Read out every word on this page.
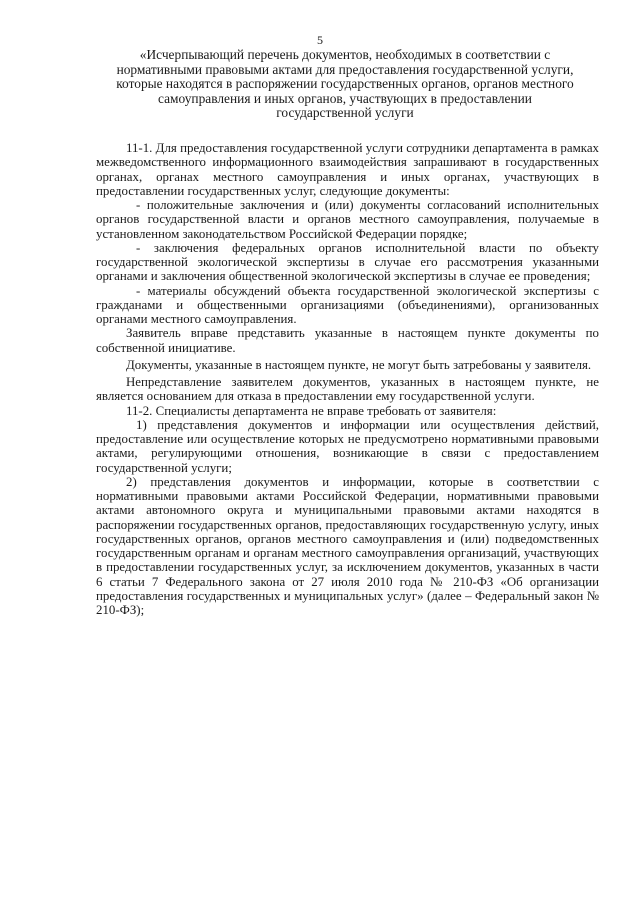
5
«Исчерпывающий перечень документов, необходимых в соответствии с нормативными правовыми актами для предоставления государственной услуги, которые находятся в распоряжении государственных органов, органов местного самоуправления и иных органов, участвующих в предоставлении государственной услуги

11-1. Для предоставления государственной услуги сотрудники департамента в рамках межведомственного информационного взаимодействия запрашивают в государственных органах, органах местного самоуправления и иных органах, участвующих в предоставлении государственных услуг, следующие документы:

- положительные заключения и (или) документы согласований исполнительных органов государственной власти и органов местного самоуправления, получаемые в установленном законодательством Российской Федерации порядке;

- заключения федеральных органов исполнительной власти по объекту государственной экологической экспертизы в случае его рассмотрения указанными органами и заключения общественной экологической экспертизы в случае ее проведения;

- материалы обсуждений объекта государственной экологической экспертизы с гражданами и общественными организациями (объединениями), организованных органами местного самоуправления.

Заявитель вправе представить указанные в настоящем пункте документы по собственной инициативе.

Документы, указанные в настоящем пункте, не могут быть затребованы у заявителя.

Непредставление заявителем документов, указанных в настоящем пункте, не является основанием для отказа в предоставлении ему государственной услуги.

11-2. Специалисты департамента не вправе требовать от заявителя:

1) представления документов и информации или осуществления действий, предоставление или осуществление которых не предусмотрено нормативными правовыми актами, регулирующими отношения, возникающие в связи с предоставлением государственной услуги;

2) представления документов и информации, которые в соответствии с нормативными правовыми актами Российской Федерации, нормативными правовыми актами автономного округа и муниципальными правовыми актами находятся в распоряжении государственных органов, предоставляющих государственную услугу, иных государственных органов, органов местного самоуправления и (или) подведомственных государственным органам и органам местного самоуправления организаций, участвующих в предоставлении государственных услуг, за исключением документов, указанных в части 6 статьи 7 Федерального закона от 27 июля 2010 года № 210-ФЗ «Об организации предоставления государственных и муниципальных услуг» (далее – Федеральный закон № 210-ФЗ);
